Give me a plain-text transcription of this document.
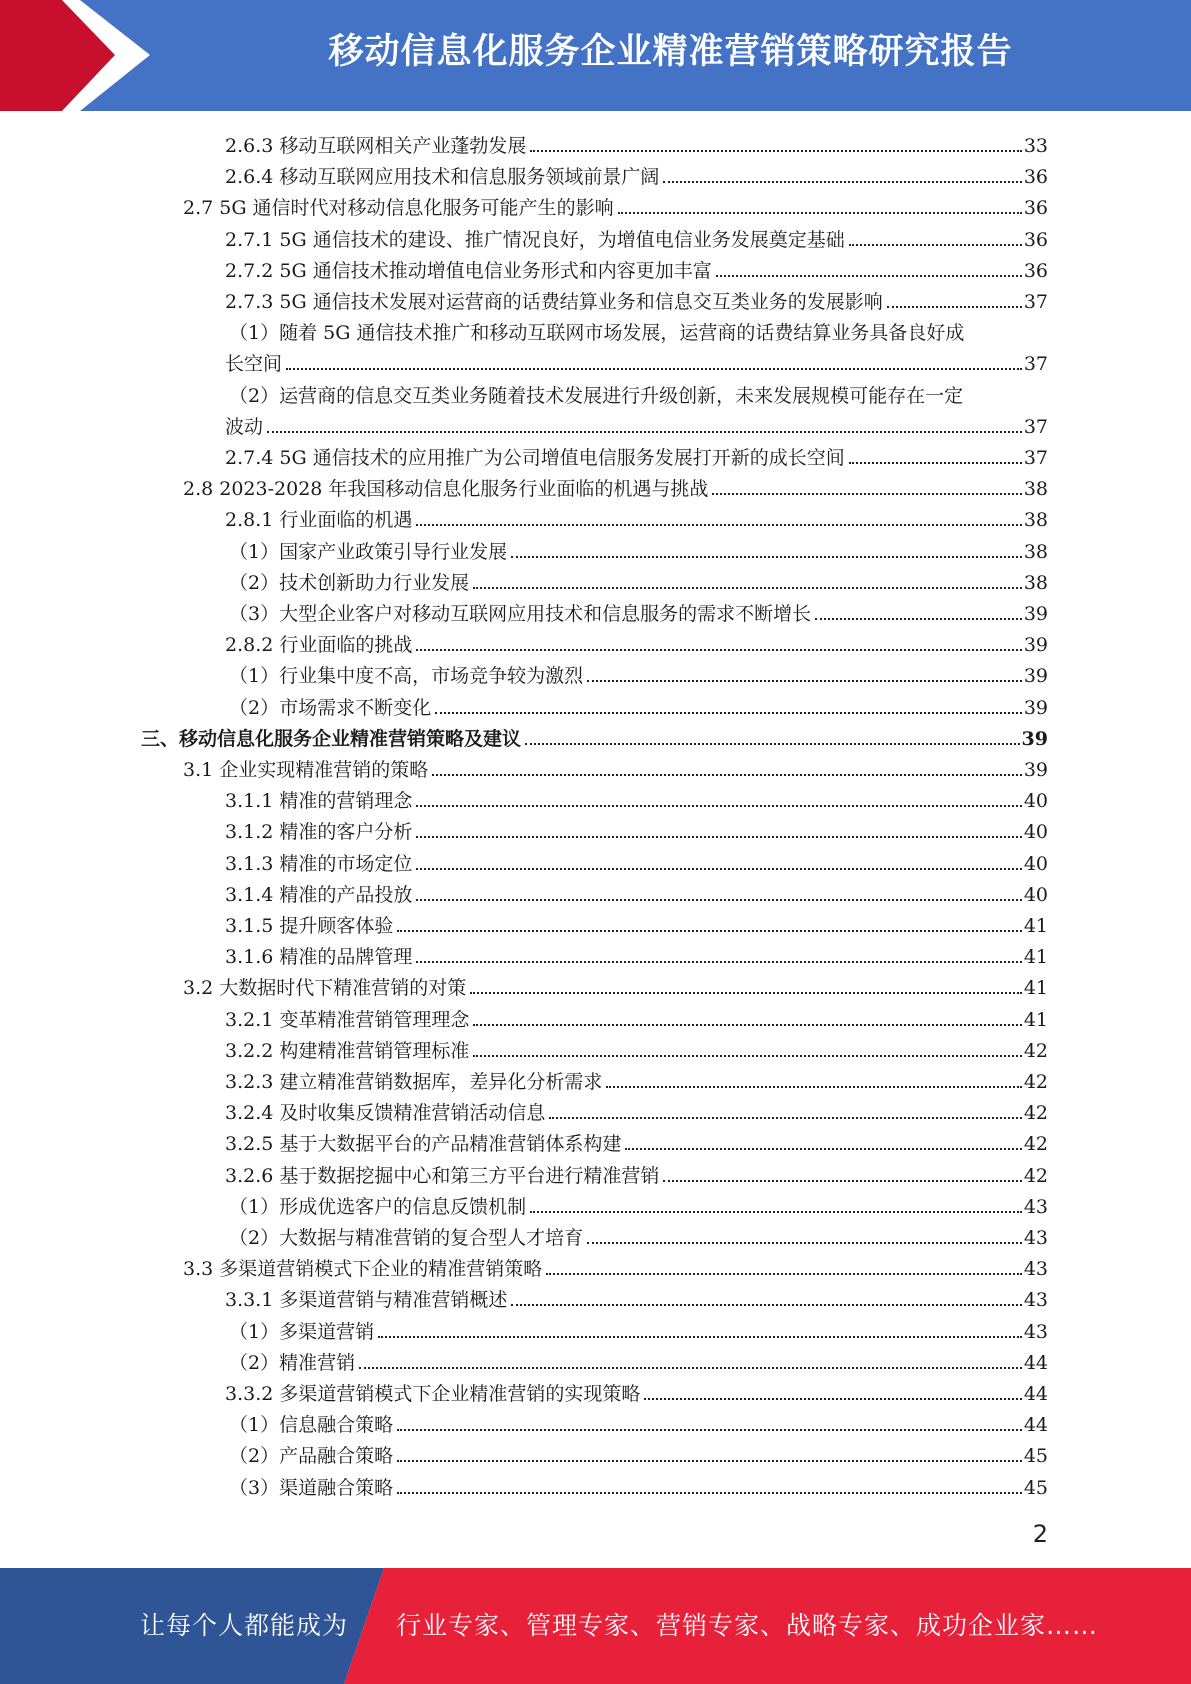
移动信息化服务企业精准营销策略研究报告
2.6.3 移动互联网相关产业蓬勃发展	33
2.6.4 移动互联网应用技术和信息服务领域前景广阔	36
2.7 5G 通信时代对移动信息化服务可能产生的影响	36
2.7.1 5G 通信技术的建设、推广情况良好，为增值电信业务发展奠定基础	36
2.7.2 5G 通信技术推动增值电信业务形式和内容更加丰富	36
2.7.3 5G 通信技术发展对运营商的话费结算业务和信息交互类业务的发展影响	37
（1）随着 5G 通信技术推广和移动互联网市场发展，运营商的话费结算业务具备良好成
长空间	37
（2）运营商的信息交互类业务随着技术发展进行升级创新，未来发展规模可能存在一定
波动	37
2.7.4 5G 通信技术的应用推广为公司增值电信服务发展打开新的成长空间	37
2.8 2023-2028 年我国移动信息化服务行业面临的机遇与挑战	38
2.8.1 行业面临的机遇	38
（1）国家产业政策引导行业发展	38
（2）技术创新助力行业发展	38
（3）大型企业客户对移动互联网应用技术和信息服务的需求不断增长	39
2.8.2 行业面临的挑战	39
（1）行业集中度不高，市场竞争较为激烈	39
（2）市场需求不断变化	39
三、移动信息化服务企业精准营销策略及建议	39
3.1 企业实现精准营销的策略	39
3.1.1 精准的营销理念	40
3.1.2 精准的客户分析	40
3.1.3 精准的市场定位	40
3.1.4 精准的产品投放	40
3.1.5 提升顾客体验	41
3.1.6 精准的品牌管理	41
3.2 大数据时代下精准营销的对策	41
3.2.1 变革精准营销管理理念	41
3.2.2 构建精准营销管理标准	42
3.2.3 建立精准营销数据库，差异化分析需求	42
3.2.4 及时收集反馈精准营销活动信息	42
3.2.5 基于大数据平台的产品精准营销体系构建	42
3.2.6 基于数据挖掘中心和第三方平台进行精准营销	42
（1）形成优选客户的信息反馈机制	43
（2）大数据与精准营销的复合型人才培育	43
3.3 多渠道营销模式下企业的精准营销策略	43
3.3.1 多渠道营销与精准营销概述	43
（1）多渠道营销	43
（2）精准营销	44
3.3.2 多渠道营销模式下企业精准营销的实现策略	44
（1）信息融合策略	44
（2）产品融合策略	45
（3）渠道融合策略	45
2
让每个人都能成为 行业专家、管理专家、营销专家、战略专家、成功企业家……
